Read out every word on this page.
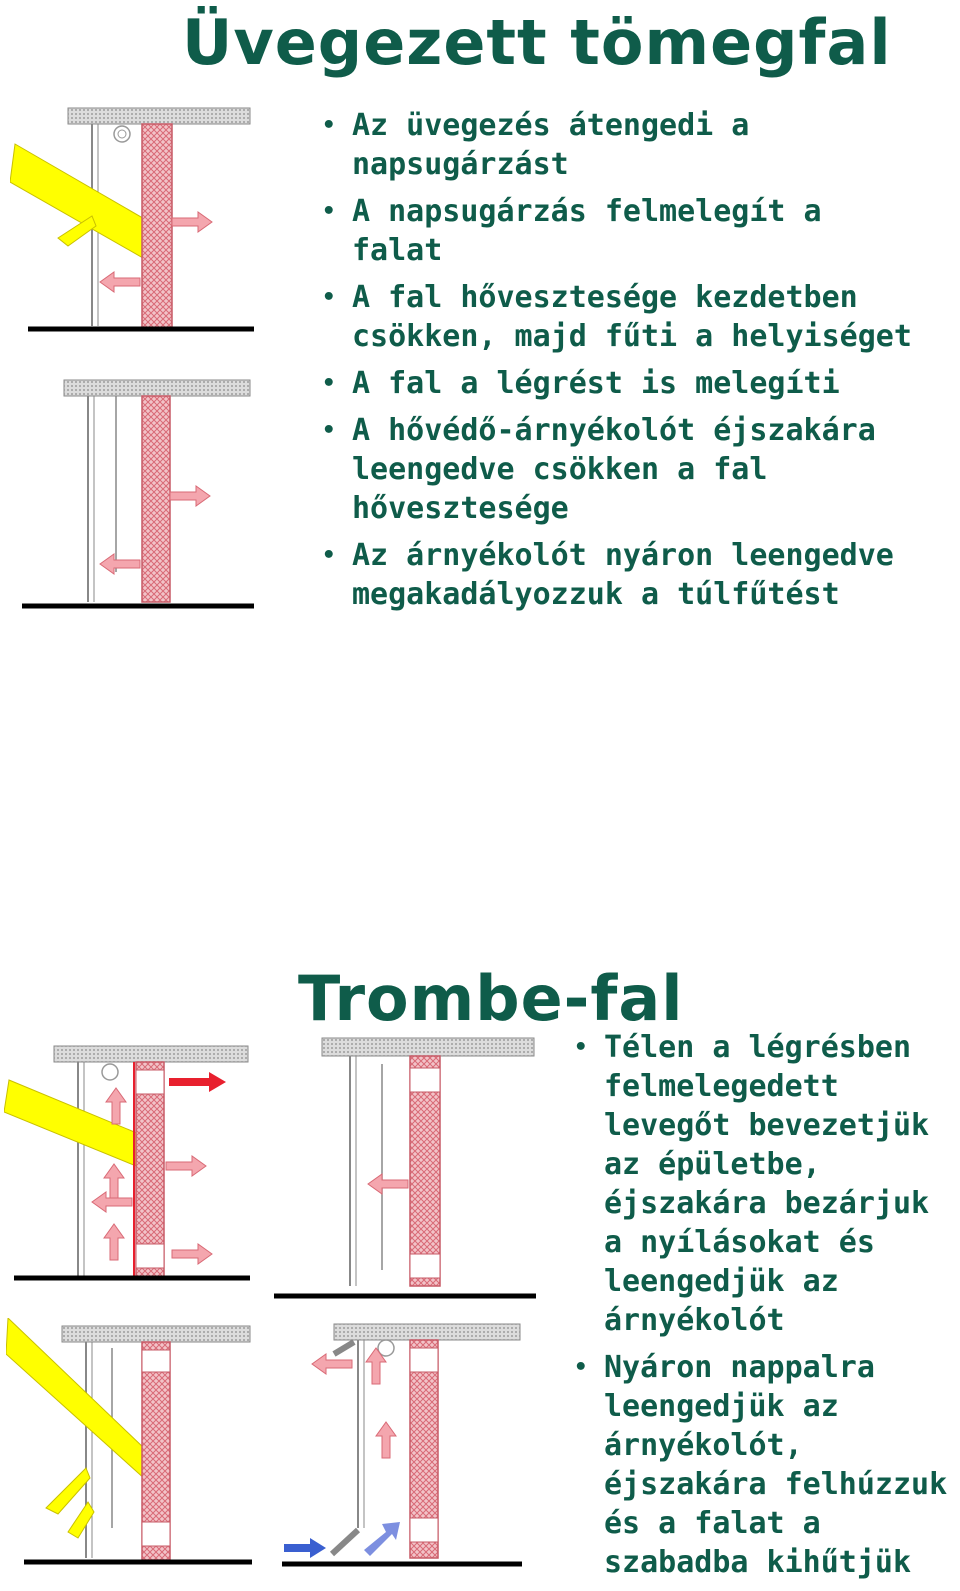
Üvegezett tömegfal
• Az üvegezés átengedi a napsugárzást
• A napsugárzás felmelegít a falat
• A fal hővesztesége kezdetben csökken, majd fűti a helyiséget
• A fal a légrést is melegíti
• A hővédő-árnyékolót éjszakára leengedve csökken a fal hővesztesége
• Az árnyékolót nyáron leengedve megakadályozzuk a túlfűtést
Trombe-fal
• Télen a légrésben felmelegedett levegőt bevezetjük az épületbe, éjszakára bezárjuk a nyílásokat és leengedjük az árnyékolót
• Nyáron nappalra leengedjük az árnyékolót, éjszakára felhúzzuk és a falat a szabadba kihűtjük
